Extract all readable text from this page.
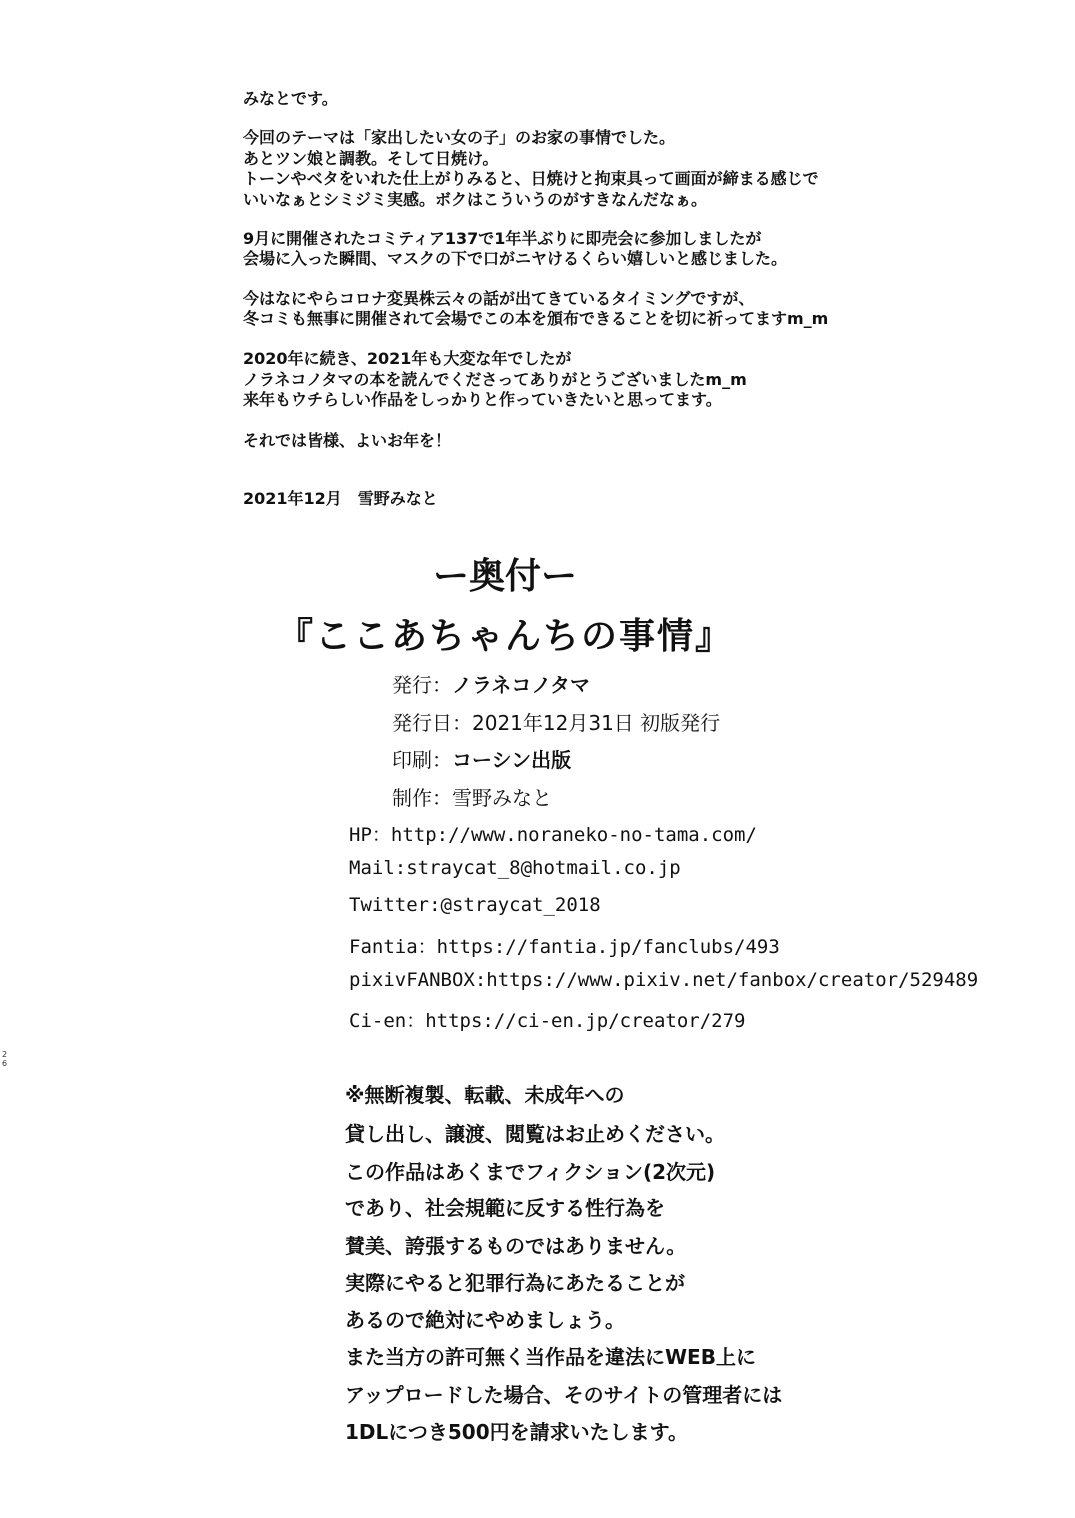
みなとです。
今回のテーマは「家出したい女の子」のお家の事情でした。
あとツン娘と調教。そして日焼け。
トーンやベタをいれた仕上がりみると、日焼けと拘束具って画面が締まる感じで
いいなぁとシミジミ実感。ボクはこういうのがすきなんだなぁ。
9月に開催されたコミティア137で1年半ぶりに即売会に参加しましたが
会場に入った瞬間、マスクの下で口がニヤけるくらい嬉しいと感じました。
今はなにやらコロナ変異株云々の話が出てきているタイミングですが、
冬コミも無事に開催されて会場でこの本を頒布できることを切に祈ってますm_m
2020年に続き、2021年も大変な年でしたが
ノラネコノタマの本を読んでくださってありがとうございましたm_m
来年もウチらしい作品をしっかりと作っていきたいと思ってます。
それでは皆様、よいお年を！
2021年12月　雪野みなと
ー奥付ー
『ここあちゃんちの事情』
発行：ノラネコノタマ
発行日：2021年12月31日 初版発行
印刷：コーシン出版
制作：雪野みなと
HP：http://www.noraneko-no-tama.com/
Mail:straycat_8@hotmail.co.jp
Twitter:@straycat_2018
Fantia：https://fantia.jp/fanclubs/493
pixivFANBOX:https://www.pixiv.net/fanbox/creator/529489
Ci-en：https://ci-en.jp/creator/279
※無断複製、転載、未成年への
貸し出し、譲渡、閲覧はお止めください。
この作品はあくまでフィクション(2次元)
であり、社会規範に反する性行為を
賛美、誇張するものではありません。
実際にやると犯罪行為にあたることが
あるので絶対にやめましょう。
また当方の許可無く当作品を違法にWEB上に
アップロードした場合、そのサイトの管理者には
1DLにつき500円を請求いたします。
2
6
